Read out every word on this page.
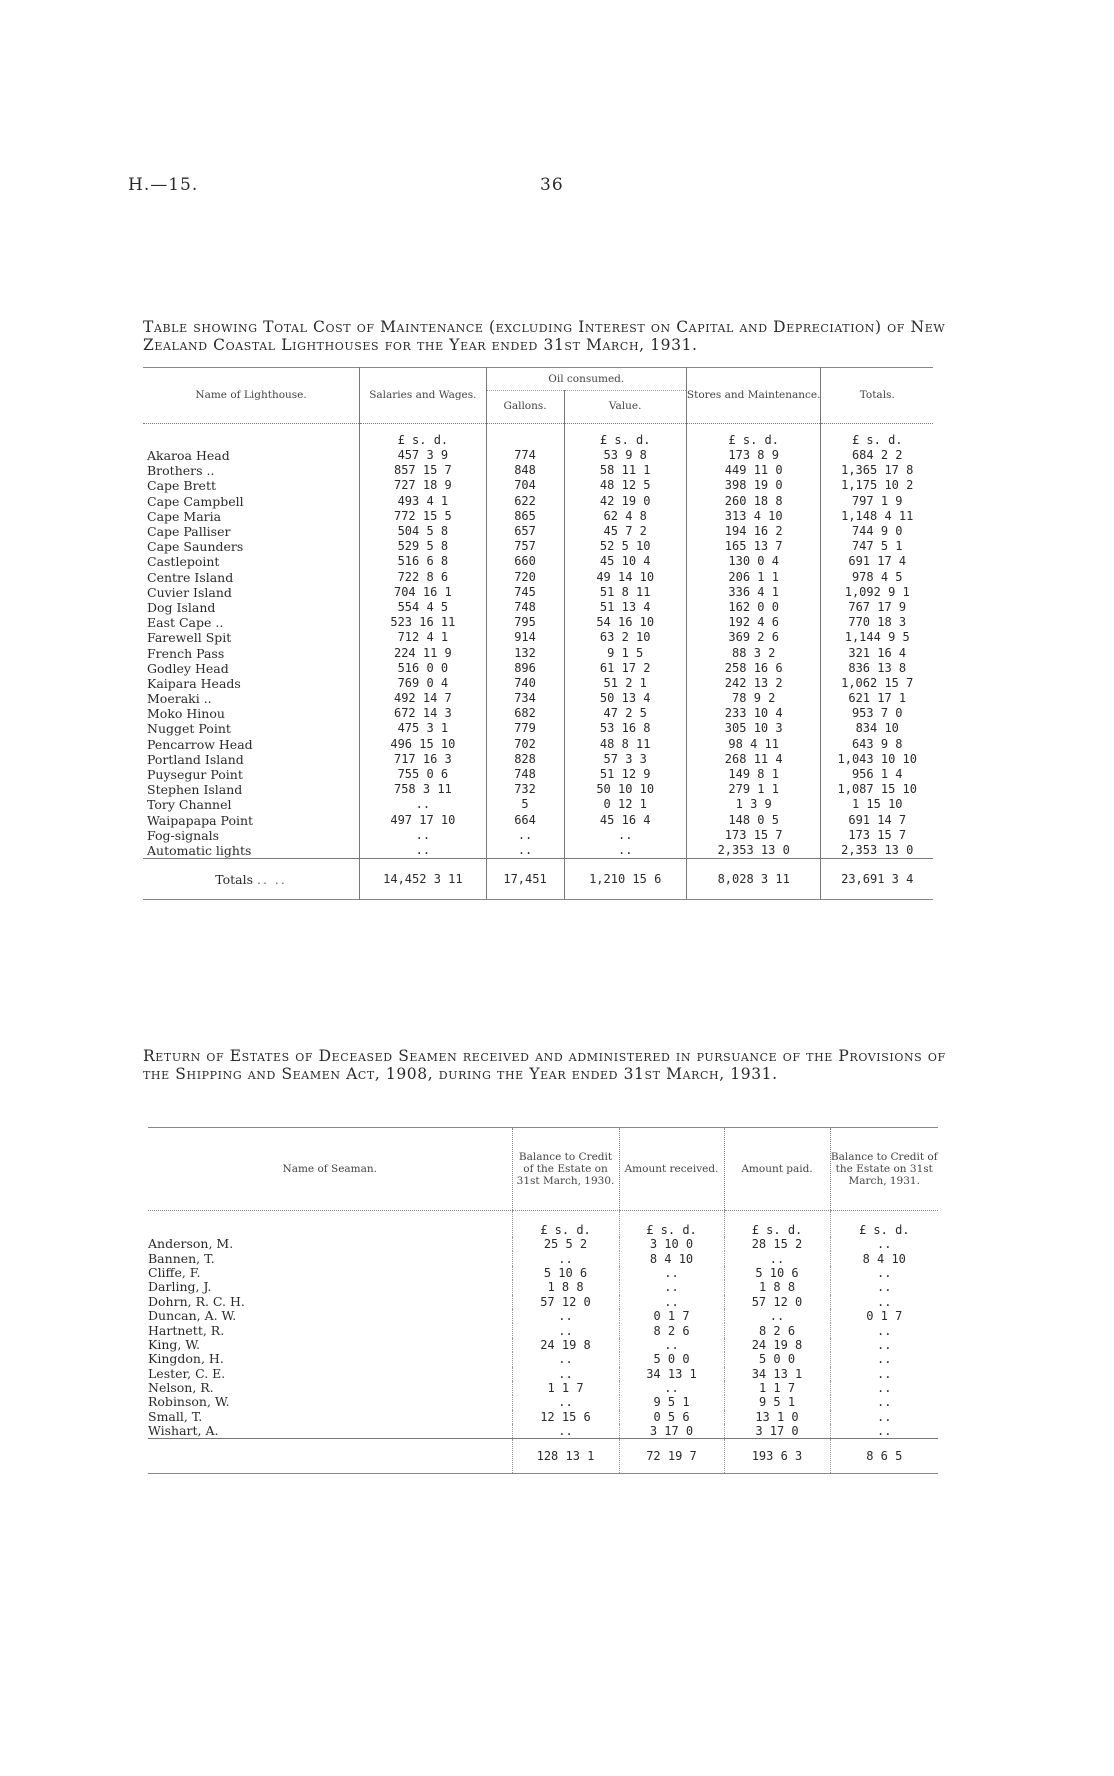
H.—15.	36
Table showing Total Cost of Maintenance (excluding Interest on Capital and Depreciation) of New Zealand Coastal Lighthouses for the Year ended 31st March, 1931.
Name of Lighthouse.	Salaries and Wages.	Oil consumed.		Stores and Maintenance.	Totals.
		Gallons.	Value.		

	£ s. d.		£ s. d.	£ s. d.	£ s. d.
Akaroa Head	457 3 9	774	53 9 8	173 8 9	684 2 2
Brothers ..	857 15 7	848	58 11 1	449 11 0	1,365 17 8
Cape Brett	727 18 9	704	48 12 5	398 19 0	1,175 10 2
Cape Campbell	493 4 1	622	42 19 0	260 18 8	797 1 9
Cape Maria	772 15 5	865	62 4 8	313 4 10	1,148 4 11
Cape Palliser	504 5 8	657	45 7 2	194 16 2	744 9 0
Cape Saunders	529 5 8	757	52 5 10	165 13 7	747 5 1
Castlepoint	516 6 8	660	45 10 4	130 0 4	691 17 4
Centre Island	722 8 6	720	49 14 10	206 1 1	978 4 5
Cuvier Island	704 16 1	745	51 8 11	336 4 1	1,092 9 1
Dog Island	554 4 5	748	51 13 4	162 0 0	767 17 9
East Cape ..	523 16 11	795	54 16 10	192 4 6	770 18 3
Farewell Spit	712 4 1	914	63 2 10	369 2 6	1,144 9 5
French Pass	224 11 9	132	9 1 5	88 3 2	321 16 4
Godley Head	516 0 0	896	61 17 2	258 16 6	836 13 8
Kaipara Heads	769 0 4	740	51 2 1	242 13 2	1,062 15 7
Moeraki ..	492 14 7	734	50 13 4	78 9 2	621 17 1
Moko Hinou	672 14 3	682	47 2 5	233 10 4	953 7 0
Nugget Point	475 3 1	779	53 16 8	305 10 3	834 10
Pencarrow Head	496 15 10	702	48 8 11	98 4 11	643 9 8
Portland Island	717 16 3	828	57 3 3	268 11 4	1,043 10 10
Puysegur Point	755 0 6	748	51 12 9	149 8 1	956 1 4
Stephen Island	758 3 11	732	50 10 10	279 1 1	1,087 15 10
Tory Channel	..	5	0 12 1	1 3 9	1 15 10
Waipapapa Point	497 17 10	664	45 16 4	148 0 5	691 14 7
Fog-signals	..	..	..	173 15 7	173 15 7
Automatic lights	..	..	..	2,353 13 0	2,353 13 0
Totals .. ..	14,452 3 11	17,451	1,210 15 6	8,028 3 11	23,691 3 4
Return of Estates of Deceased Seamen received and administered in pursuance of the Provisions of the Shipping and Seamen Act, 1908, during the Year ended 31st March, 1931.
Name of Seaman.	Balance to Credit of the Estate on 31st March, 1930.	Amount received.	Amount paid.	Balance to Credit of the Estate on 31st March, 1931.
	£ s. d.	£ s. d.	£ s. d.	£ s. d.
Anderson, M.	25 5 2	3 10 0	28 15 2	..
Bannen, T.	..	8 4 10	..	8 4 10
Cliffe, F.	5 10 6	..	5 10 6	..
Darling, J.	1 8 8	..	1 8 8	..
Dohrn, R. C. H.	57 12 0	..	57 12 0	..
Duncan, A. W.	..	0 1 7	..	0 1 7
Hartnett, R.	..	8 2 6	8 2 6	..
King, W.	24 19 8	..	24 19 8	..
Kingdon, H.	..	5 0 0	5 0 0	..
Lester, C. E.	..	34 13 1	34 13 1	..
Nelson, R.	1 1 7	..	1 1 7	..
Robinson, W.	..	9 5 1	9 5 1	..
Small, T.	12 15 6	0 5 6	13 1 0	..
Wishart, A.	..	3 17 0	3 17 0	..
	128 13 1	72 19 7	193 6 3	8 6 5
